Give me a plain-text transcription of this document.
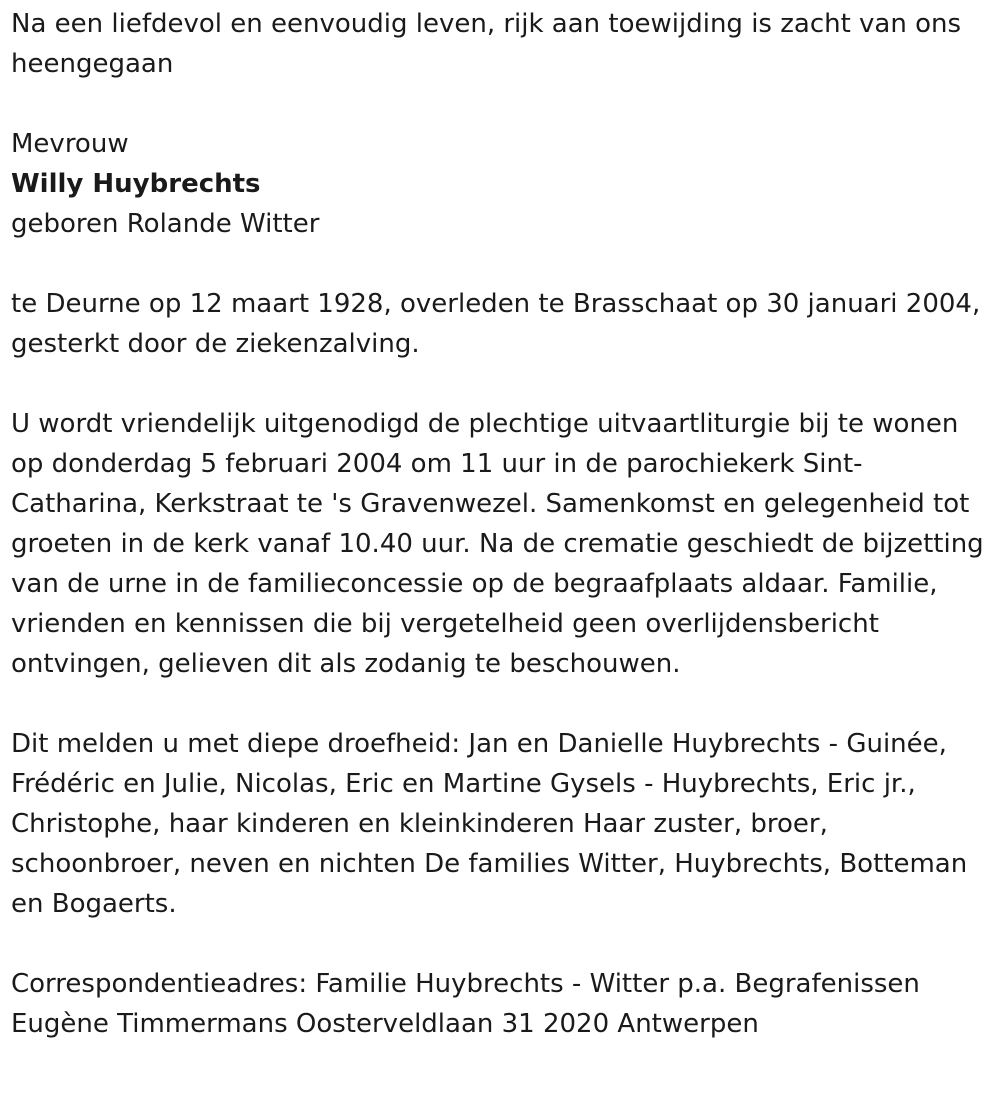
Na een liefdevol en eenvoudig leven, rijk aan toewijding is zacht van ons heengegaan

Mevrouw

Willy Huybrechts

geboren Rolande Witter

te Deurne op 12 maart 1928, overleden te Brasschaat op 30 januari 2004, gesterkt door de ziekenzalving.

U wordt vriendelijk uitgenodigd de plechtige uitvaartliturgie bij te wonen op donderdag 5 februari 2004 om 11 uur in de parochiekerk Sint-Catharina, Kerkstraat te 's Gravenwezel. Samenkomst en gelegenheid tot groeten in de kerk vanaf 10.40 uur. Na de crematie geschiedt de bijzetting van de urne in de familieconcessie op de begraafplaats aldaar. Familie, vrienden en kennissen die bij vergetelheid geen overlijdensbericht ontvingen, gelieven dit als zodanig te beschouwen.

Dit melden u met diepe droefheid: Jan en Danielle Huybrechts - Guinée, Frédéric en Julie, Nicolas, Eric en Martine Gysels - Huybrechts, Eric jr., Christophe, haar kinderen en kleinkinderen Haar zuster, broer, schoonbroer, neven en nichten De families Witter, Huybrechts, Botteman en Bogaerts.

Correspondentieadres: Familie Huybrechts - Witter p.a. Begrafenissen Eugène Timmermans Oosterveldlaan 31 2020 Antwerpen
